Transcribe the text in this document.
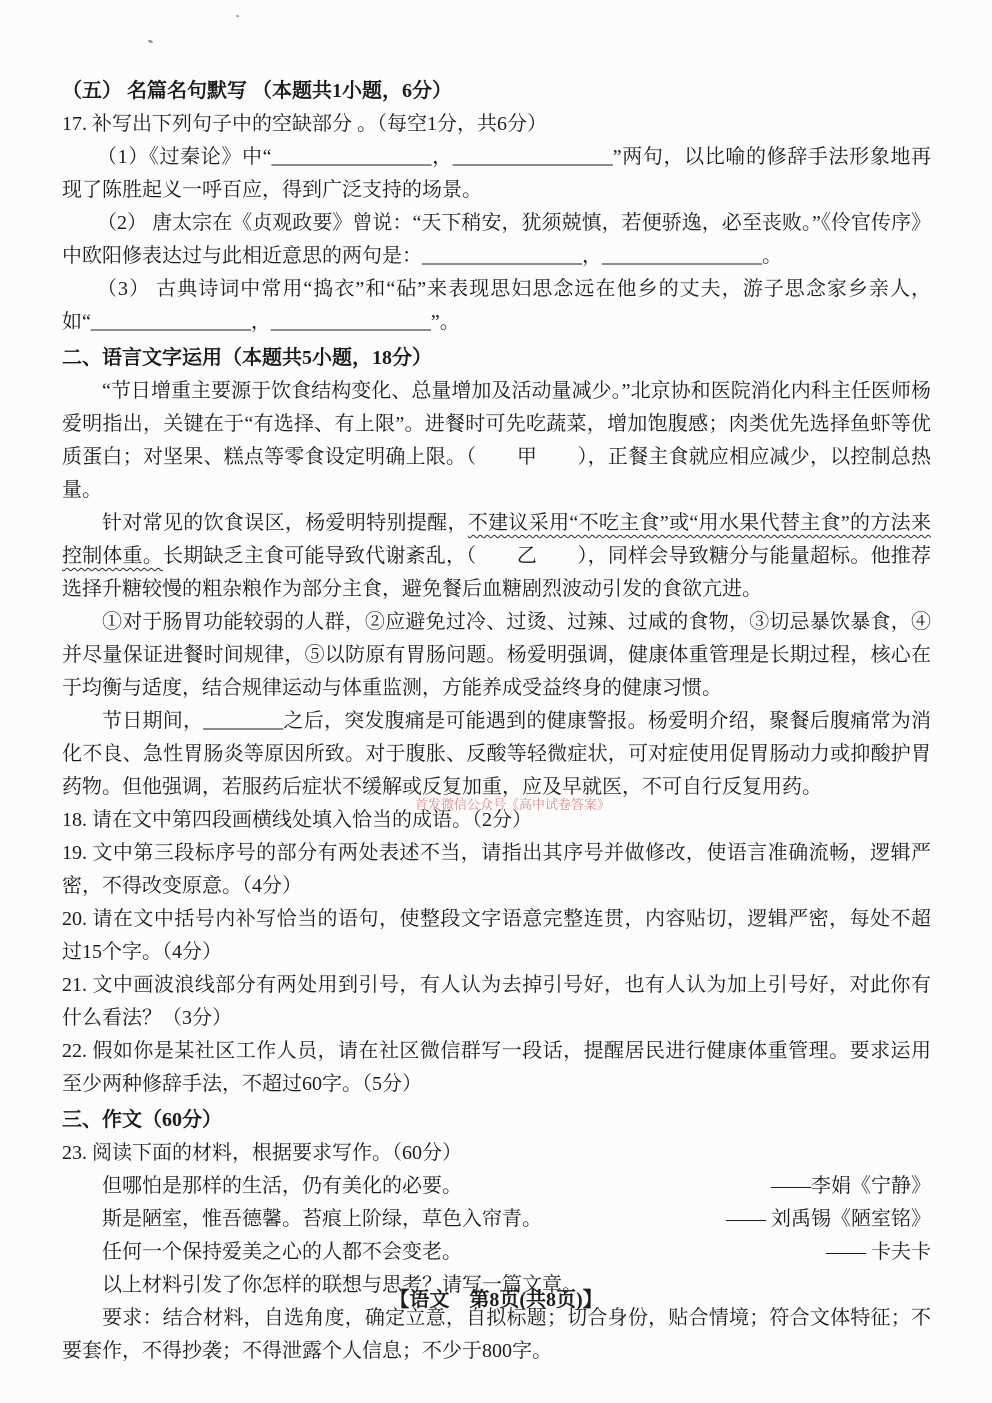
（五） 名篇名句默写 （本题共1小题，6分）

17. 补写出下列句子中的空缺部分 。（每空1分，共6分）

（1）《过秦论》中“________________，________________”两句，以比喻的修辞手法形象地再现了陈胜起义一呼百应，得到广泛支持的场景。

（2） 唐太宗在《贞观政要》曾说：“天下稍安，犹须兢慎，若便骄逸，必至丧败。”《伶官传序》中欧阳修表达过与此相近意思的两句是：________________，________________。

（3） 古典诗词中常用“捣衣”和“砧”来表现思妇思念远在他乡的丈夫，游子思念家乡亲人，如“________________，________________”。

二、语言文字运用（本题共5小题，18分）

“节日增重主要源于饮食结构变化、总量增加及活动量减少。”北京协和医院消化内科主任医师杨爱明指出，关键在于“有选择、有上限”。进餐时可先吃蔬菜，增加饱腹感；肉类优先选择鱼虾等优质蛋白；对坚果、糕点等零食设定明确上限。（　　甲　　），正餐主食就应相应减少，以控制总热量。

针对常见的饮食误区，杨爱明特别提醒，不建议采用“不吃主食”或“用水果代替主食”的方法来控制体重。长期缺乏主食可能导致代谢紊乱，（　　乙　　），同样会导致糖分与能量超标。他推荐选择升糖较慢的粗杂粮作为部分主食，避免餐后血糖剧烈波动引发的食欲亢进。

①对于肠胃功能较弱的人群，②应避免过冷、过烫、过辣、过咸的食物，③切忌暴饮暴食，④并尽量保证进餐时间规律，⑤以防原有胃肠问题。杨爱明强调，健康体重管理是长期过程，核心在于均衡与适度，结合规律运动与体重监测，方能养成受益终身的健康习惯。

节日期间，________之后，突发腹痛是可能遇到的健康警报。杨爱明介绍，聚餐后腹痛常为消化不良、急性胃肠炎等原因所致。对于腹胀、反酸等轻微症状，可对症使用促胃肠动力或抑酸护胃药物。但他强调，若服药后症状不缓解或反复加重，应及早就医，不可自行反复用药。

18. 请在文中第四段画横线处填入恰当的成语。（2分）

19. 文中第三段标序号的部分有两处表述不当，请指出其序号并做修改，使语言准确流畅，逻辑严密，不得改变原意。（4分）

20. 请在文中括号内补写恰当的语句，使整段文字语意完整连贯，内容贴切，逻辑严密，每处不超过15个字。（4分）

21. 文中画波浪线部分有两处用到引号，有人认为去掉引号好，也有人认为加上引号好，对此你有什么看法？（3分）

22. 假如你是某社区工作人员，请在社区微信群写一段话，提醒居民进行健康体重管理。要求运用至少两种修辞手法，不超过60字。（5分）

三、作文（60分）

23. 阅读下面的材料，根据要求写作。（60分）

但哪怕是那样的生活，仍有美化的必要。	——李娟《宁静》
斯是陋室，惟吾德馨。苔痕上阶绿，草色入帘青。	—— 刘禹锡《陋室铭》
任何一个保持爱美之心的人都不会变老。	—— 卡夫卡

以上材料引发了你怎样的联想与思考？请写一篇文章。

要求：结合材料，自选角度，确定立意，自拟标题；切合身份，贴合情境；符合文体特征；不要套作，不得抄袭；不得泄露个人信息；不少于800字。

首发微信公众号《高中试卷答案》

【语文　第8页(共8页)】
